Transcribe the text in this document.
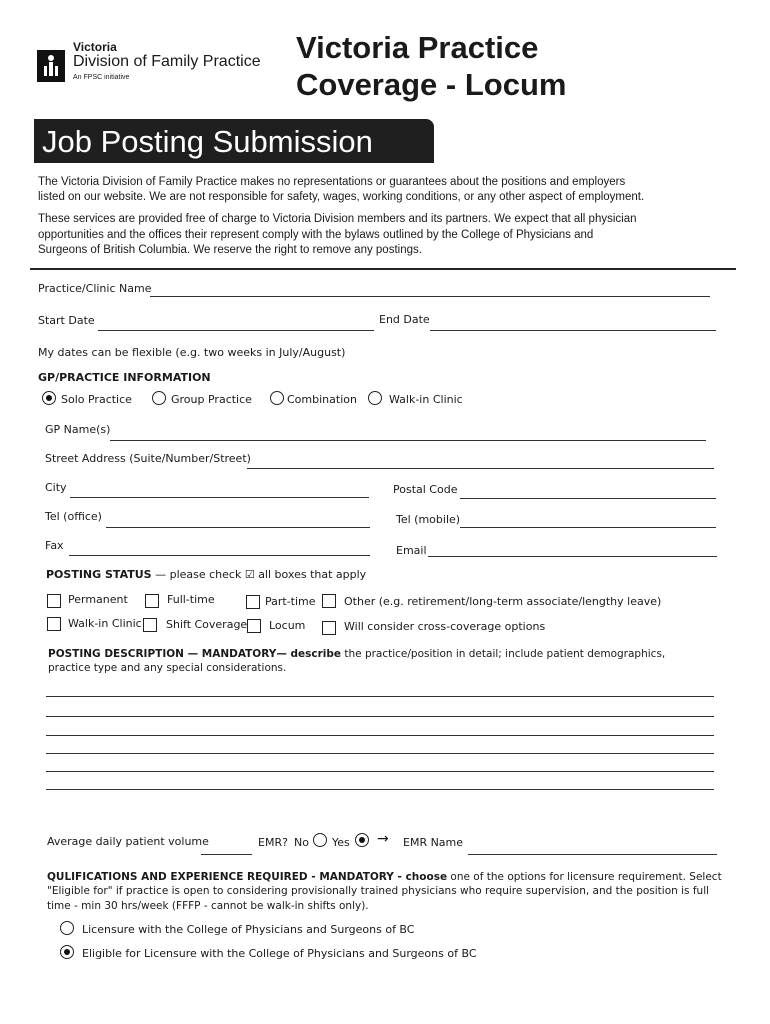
Victoria
Division of Family Practice
An FPSC initiative
Victoria Practice
Coverage - Locum
Job Posting Submission
The Victoria Division of Family Practice makes no representations or guarantees about the positions and employers
listed on our website. We are not responsible for safety, wages, working conditions, or any other aspect of employment.
These services are provided free of charge to Victoria Division members and its partners. We expect that all physician
opportunities and the offices their represent comply with the bylaws outlined by the College of Physicians and
Surgeons of British Columbia. We reserve the right to remove any postings.
Practice/Clinic Name
Start Date	End Date
My dates can be flexible (e.g. two weeks in July/August)
GP/PRACTICE INFORMATION
Solo Practice	Group Practice	Combination	Walk-in Clinic
GP Name(s)
Street Address (Suite/Number/Street)
City	Postal Code
Tel (office)	Tel (mobile)
Fax	Email
POSTING STATUS — please check ☑ all boxes that apply
Permanent	Full-time	Part-time	Other (e.g. retirement/long-term associate/lengthy leave)
Walk-in Clinic Shift Coverage Locum	Will consider cross-coverage options
POSTING DESCRIPTION — MANDATORY— describe the practice/position in detail; include patient demographics,
practice type and any special considerations.
Average daily patient volume	EMR? No Yes → EMR Name
QULIFICATIONS AND EXPERIENCE REQUIRED - MANDATORY - choose one of the options for licensure requirement. Select
"Eligible for" if practice is open to considering provisionally trained physicians who require supervision, and the position is full
time - min 30 hrs/week (FFFP - cannot be walk-in shifts only).
Licensure with the College of Physicians and Surgeons of BC
Eligible for Licensure with the College of Physicians and Surgeons of BC
